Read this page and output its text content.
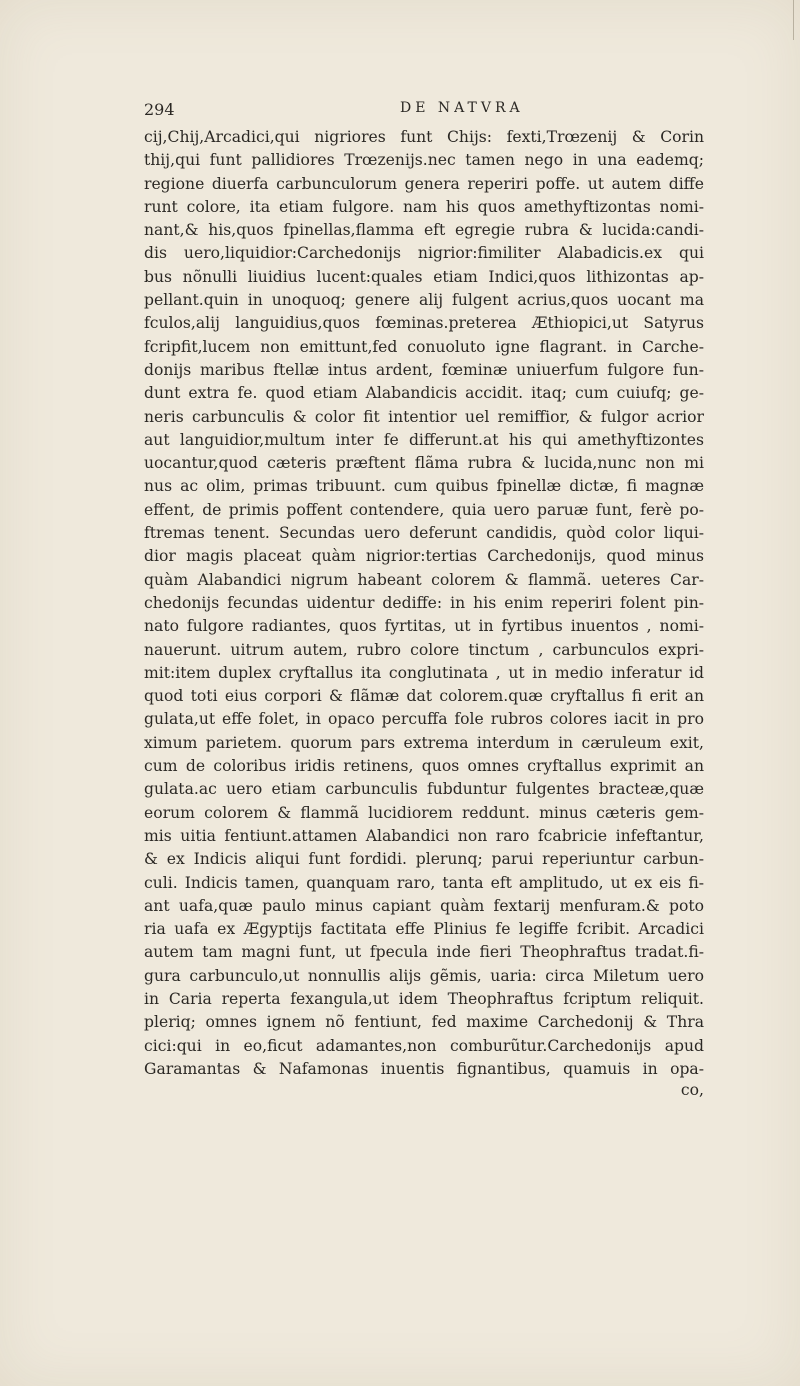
294	DE NATVRA
cij,Chij,Arcadici,qui nigriores funt Chijs: fexti,Trœzenij & Corin
thij,qui funt pallidiores Trœzenijs.nec tamen nego in una eademq;
regione diuerfa carbunculorum genera reperiri poffe. ut autem diffe
runt colore, ita etiam fulgore. nam his quos amethyftizontas nomi-
nant,& his,quos fpinellas,flamma eft egregie rubra & lucida:candi-
dis uero,liquidior:Carchedonijs nigrior:fimiliter Alabadicis.ex qui
bus nõnulli liuidius lucent:quales etiam Indici,quos lithizontas ap-
pellant.quin in unoquoq; genere alij fulgent acrius,quos uocant ma
fculos,alij languidius,quos fœminas.preterea Æthiopici,ut Satyrus
fcripfit,lucem non emittunt,fed conuoluto igne flagrant. in Carche-
donijs maribus ftellæ intus ardent, fœminæ uniuerfum fulgore fun-
dunt extra fe. quod etiam Alabandicis accidit. itaq; cum cuiufq; ge-
neris carbunculis & color fit intentior uel remiffior, & fulgor acrior
aut languidior,multum inter fe differunt.at his qui amethyftizontes
uocantur,quod cæteris præftent flãma rubra & lucida,nunc non mi
nus ac olim, primas tribuunt. cum quibus fpinellæ dictæ, fi magnæ
effent, de primis poffent contendere, quia uero paruæ funt, ferè po-
ftremas tenent. Secundas uero deferunt candidis, quòd color liqui-
dior magis placeat quàm nigrior:tertias Carchedonijs, quod minus
quàm Alabandici nigrum habeant colorem & flammã. ueteres Car-
chedonijs fecundas uidentur dediffe: in his enim reperiri folent pin-
nato fulgore radiantes, quos fyrtitas, ut in fyrtibus inuentos , nomi-
nauerunt. uitrum autem, rubro colore tinctum , carbunculos expri-
mit:item duplex cryftallus ita conglutinata , ut in medio inferatur id
quod toti eius corpori & flãmæ dat colorem.quæ cryftallus fi erit an
gulata,ut effe folet, in opaco percuffa fole rubros colores iacit in pro
ximum parietem. quorum pars extrema interdum in cæruleum exit,
cum de coloribus iridis retinens, quos omnes cryftallus exprimit an
gulata.ac uero etiam carbunculis fubduntur fulgentes bracteæ,quæ
eorum colorem & flammã lucidiorem reddunt. minus cæteris gem-
mis uitia fentiunt.attamen Alabandici non raro fcabricie infeftantur,
& ex Indicis aliqui funt fordidi. plerunq; parui reperiuntur carbun-
culi. Indicis tamen, quanquam raro, tanta eft amplitudo, ut ex eis fi-
ant uafa,quæ paulo minus capiant quàm fextarij menfuram.& poto
ria uafa ex Ægyptijs factitata effe Plinius fe legiffe fcribit. Arcadici
autem tam magni funt, ut fpecula inde fieri Theophraftus tradat.fi-
gura carbunculo,ut nonnullis alijs gẽmis, uaria: circa Miletum uero
in Caria reperta fexangula,ut idem Theophraftus fcriptum reliquit.
pleriq; omnes ignem nõ fentiunt, fed maxime Carchedonij & Thra
cici:qui in eo,ficut adamantes,non comburũtur.Carchedonijs apud
Garamantas & Nafamonas inuentis fignantibus, quamuis in opa-
co,
